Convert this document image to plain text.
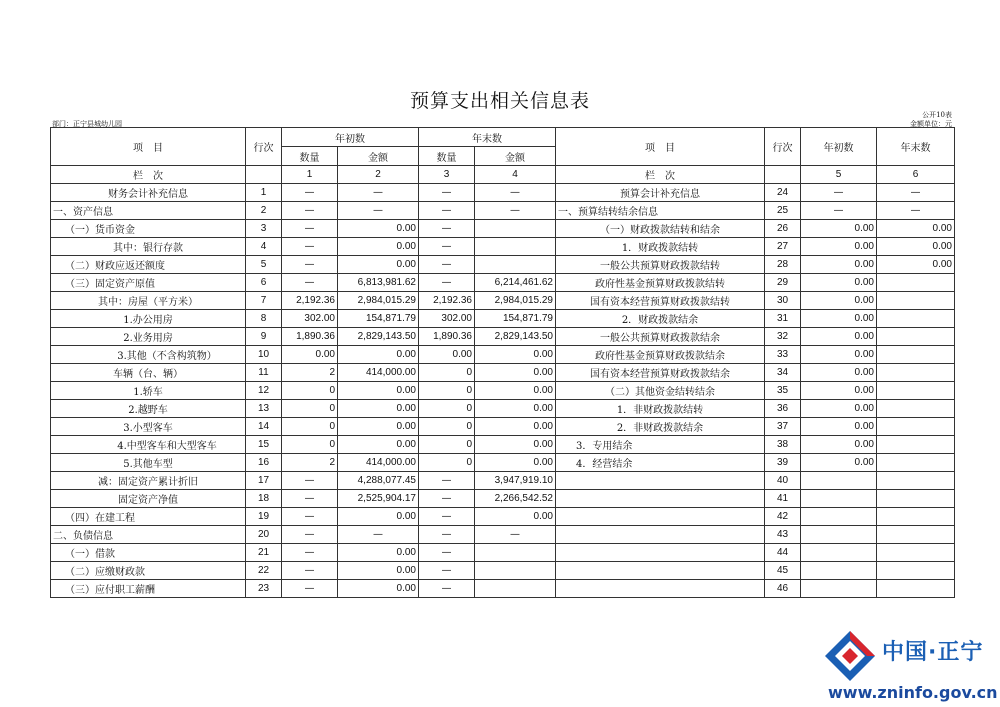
预算支出相关信息表
公开10表
部门：正宁县城幼儿园	金额单位：元
项　目	行次	年初数		年末数		项　目	行次	年初数	年末数
		数量	金额	数量	金额				
栏　次		1	2	3	4	栏　次		5	6
财务会计补充信息	1	—	—	—	—	预算会计补充信息	24	—	—
一、资产信息	2	—	—	—	—	一、预算结转结余信息	25	—	—
（一）货币资金	3	—	0.00	—		（一）财政拨款结转和结余	26	0.00	0.00
其中：银行存款	4	—	0.00	—		1．财政拨款结转	27	0.00	0.00
（二）财政应返还额度	5	—	0.00	—		一般公共预算财政拨款结转	28	0.00	0.00
（三）固定资产原值	6	—	6,813,981.62	—	6,214,461.62	政府性基金预算财政拨款结转	29	0.00	
其中：房屋（平方米）	7	2,192.36	2,984,015.29	2,192.36	2,984,015.29	国有资本经营预算财政拨款结转	30	0.00	
1.办公用房	8	302.00	154,871.79	302.00	154,871.79	2．财政拨款结余	31	0.00	
2.业务用房	9	1,890.36	2,829,143.50	1,890.36	2,829,143.50	一般公共预算财政拨款结余	32	0.00	
3.其他（不含构筑物）	10	0.00	0.00	0.00	0.00	政府性基金预算财政拨款结余	33	0.00	
车辆（台、辆）	11	2	414,000.00	0	0.00	国有资本经营预算财政拨款结余	34	0.00	
1.轿车	12	0	0.00	0	0.00	（二）其他资金结转结余	35	0.00	
2.越野车	13	0	0.00	0	0.00	1．非财政拨款结转	36	0.00	
3.小型客车	14	0	0.00	0	0.00	2．非财政拨款结余	37	0.00	
4.中型客车和大型客车	15	0	0.00	0	0.00	3．专用结余	38	0.00	
5.其他车型	16	2	414,000.00	0	0.00	4．经营结余	39	0.00	
减：固定资产累计折旧	17	—	4,288,077.45	—	3,947,919.10		40		
固定资产净值	18	—	2,525,904.17	—	2,266,542.52		41		
（四）在建工程	19	—	0.00	—	0.00		42		
二、负债信息	20	—	—	—	—		43		
（一）借款	21	—	0.00	—			44		
（二）应缴财政款	22	—	0.00	—			45		
（三）应付职工薪酬	23	—	0.00	—			46		
中国·正宁
www.zninfo.gov.cn
